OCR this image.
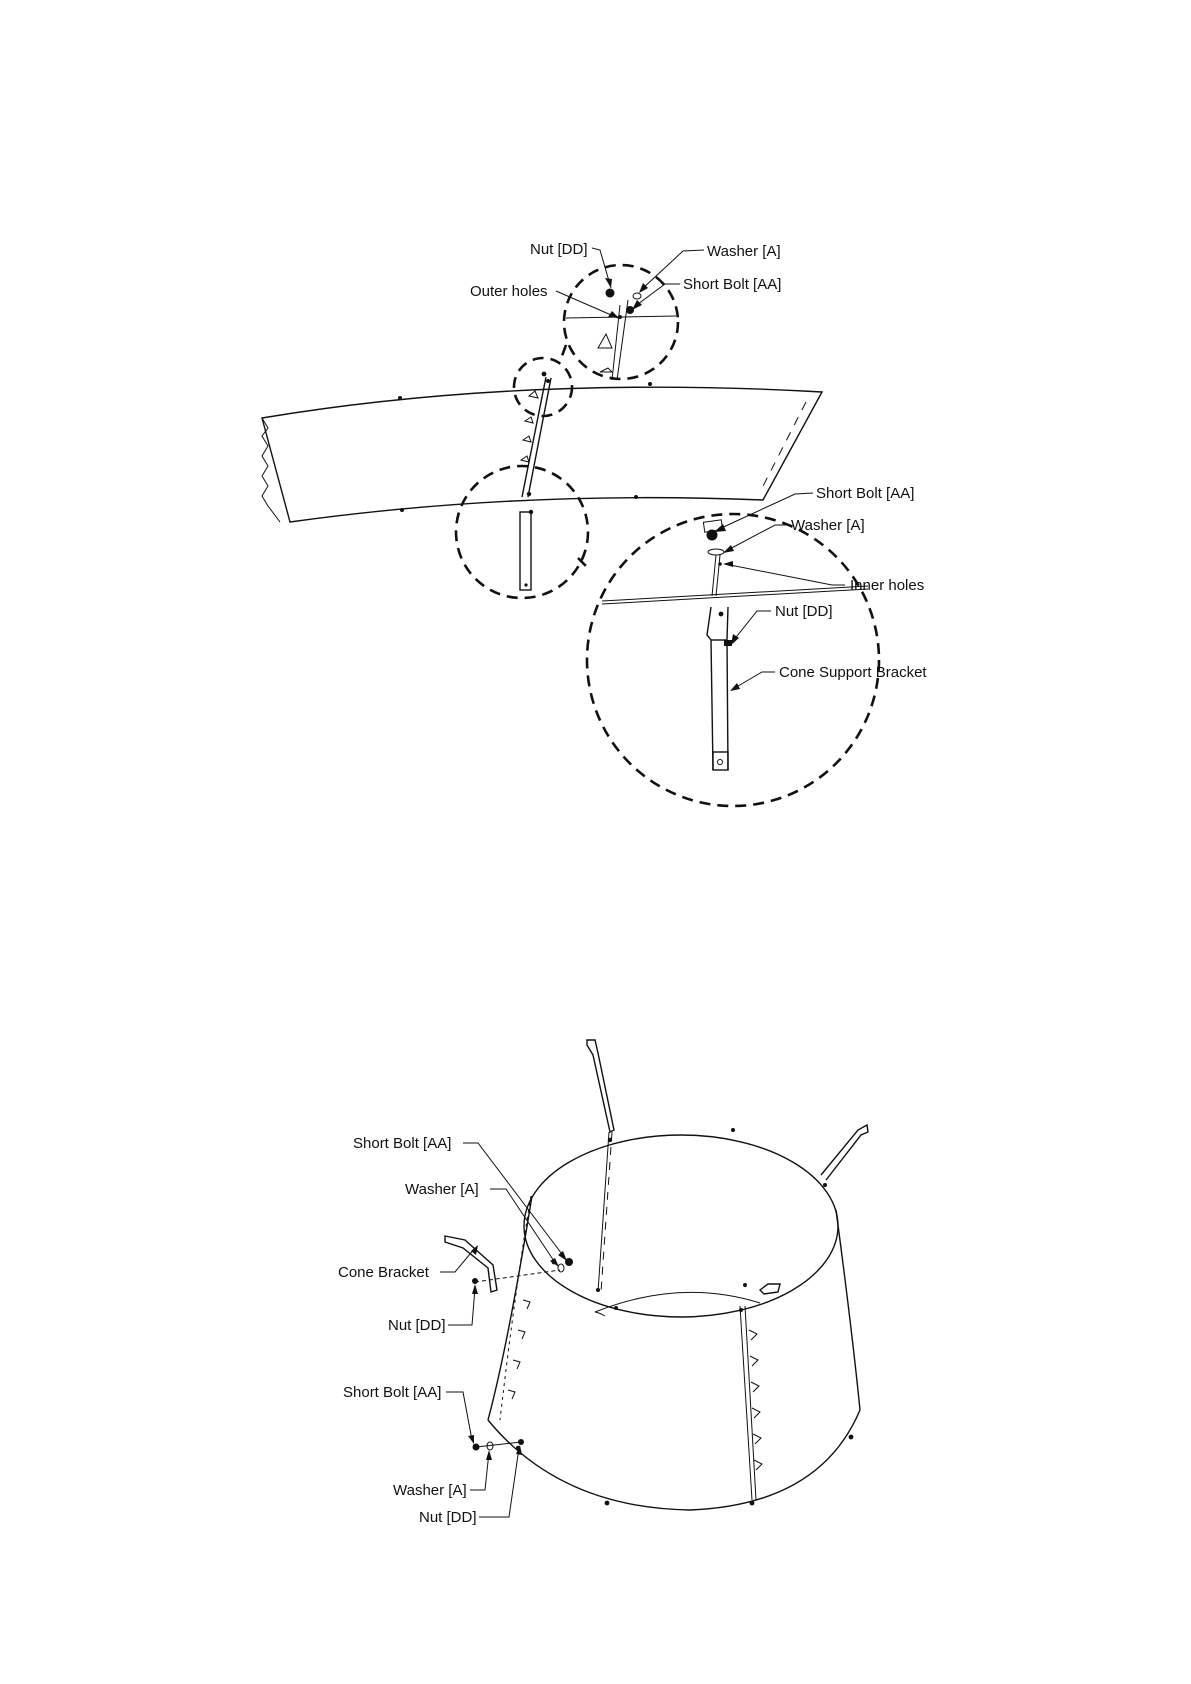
Nut [DD]	Washer [A]
Outer holes	Short Bolt [AA]
Short Bolt [AA]
Washer [A]
Inner holes
Nut [DD]
Cone Support Bracket
Short Bolt [AA]
Washer [A]
Cone Bracket
Nut [DD]
Short Bolt [AA]
Washer [A]
Nut [DD]
